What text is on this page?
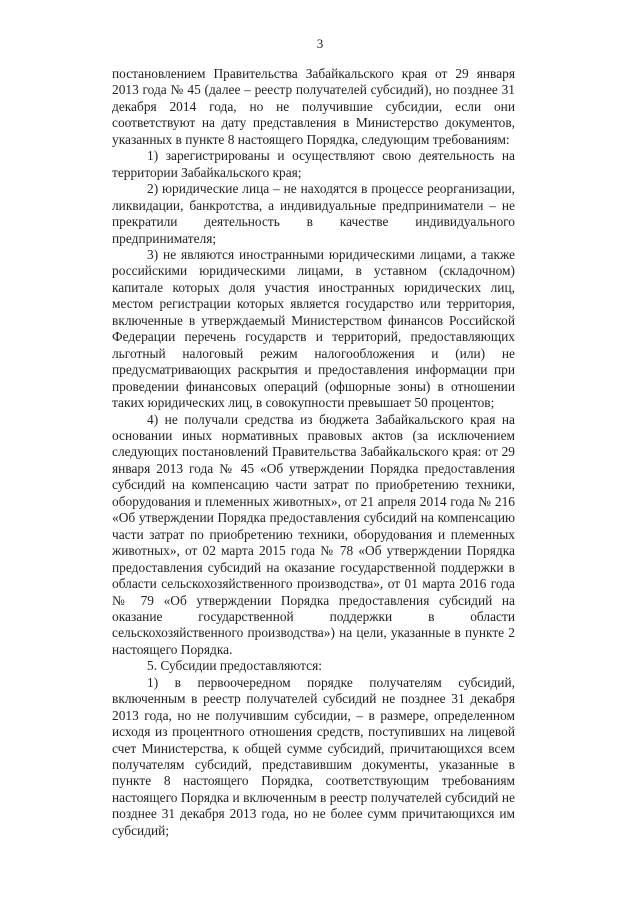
3

постановлением Правительства Забайкальского края от 29 января 2013 года № 45 (далее – реестр получателей субсидий), но позднее 31 декабря 2014 года, но не получившие субсидии, если они соответствуют на дату представления в Министерство документов, указанных в пункте 8 настоящего Порядка, следующим требованиям:

1) зарегистрированы и осуществляют свою деятельность на территории Забайкальского края;

2) юридические лица – не находятся в процессе реорганизации, ликвидации, банкротства, а индивидуальные предприниматели – не прекратили деятельность в качестве индивидуального предпринимателя;

3) не являются иностранными юридическими лицами, а также российскими юридическими лицами, в уставном (складочном) капитале которых доля участия иностранных юридических лиц, местом регистрации которых является государство или территория, включенные в утверждаемый Министерством финансов Российской Федерации перечень государств и территорий, предоставляющих льготный налоговый режим налогообложения и (или) не предусматривающих раскрытия и предоставления информации при проведении финансовых операций (офшорные зоны) в отношении таких юридических лиц, в совокупности превышает 50 процентов;

4) не получали средства из бюджета Забайкальского края на основании иных нормативных правовых актов (за исключением следующих постановлений Правительства Забайкальского края: от 29 января 2013 года № 45 «Об утверждении Порядка предоставления субсидий на компенсацию части затрат по приобретению техники, оборудования и племенных животных», от 21 апреля 2014 года № 216 «Об утверждении Порядка предоставления субсидий на компенсацию части затрат по приобретению техники, оборудования и племенных животных», от 02 марта 2015 года № 78 «Об утверждении Порядка предоставления субсидий на оказание государственной поддержки в области сельскохозяйственного производства», от 01 марта 2016 года № 79 «Об утверждении Порядка предоставления субсидий на оказание государственной поддержки в области сельскохозяйственного производства») на цели, указанные в пункте 2 настоящего Порядка.

5. Субсидии предоставляются:

1) в первоочередном порядке получателям субсидий, включенным в реестр получателей субсидий не позднее 31 декабря 2013 года, но не получившим субсидии, – в размере, определенном исходя из процентного отношения средств, поступивших на лицевой счет Министерства, к общей сумме субсидий, причитающихся всем получателям субсидий, представившим документы, указанные в пункте 8 настоящего Порядка, соответствующим требованиям настоящего Порядка и включенным в реестр получателей субсидий не позднее 31 декабря 2013 года, но не более сумм причитающихся им субсидий;
